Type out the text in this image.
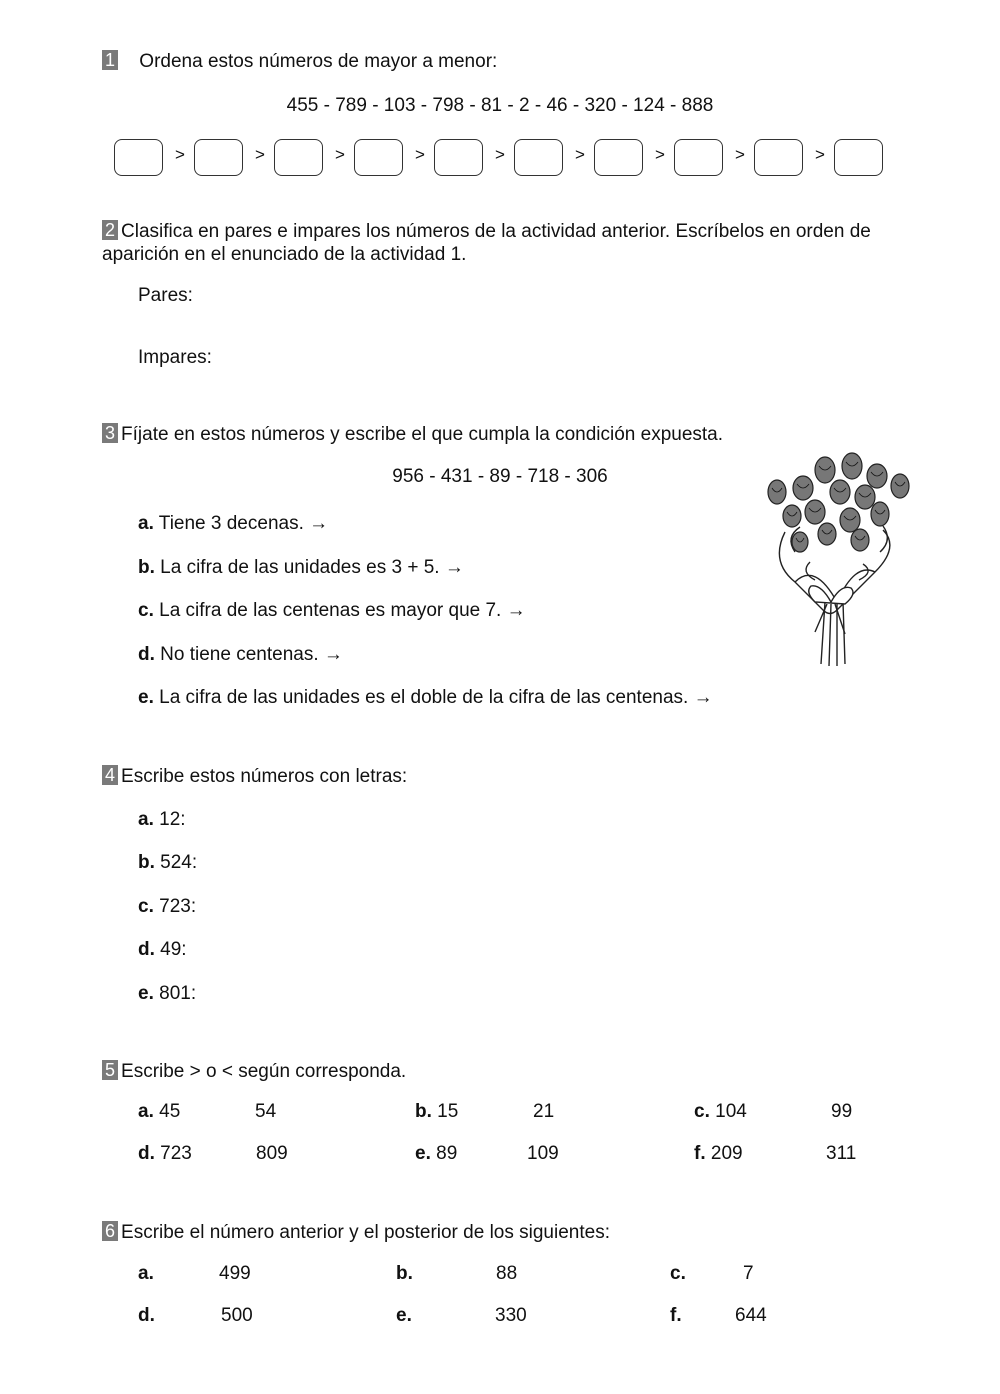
1 Ordena estos números de mayor a menor:
455 - 789 - 103 - 798 - 81 - 2 - 46 - 320 - 124 - 888
>	>	>	>	>	>	>	>	>
2 Clasifica en pares e impares los números de la actividad anterior. Escríbelos en orden de aparición en el enunciado de la actividad 1.
Pares:
Impares:
3 Fíjate en estos números y escribe el que cumpla la condición expuesta.
956 - 431 - 89 - 718 - 306
a. Tiene 3 decenas. →
b. La cifra de las unidades es 3 + 5. →
c. La cifra de las centenas es mayor que 7. →
d. No tiene centenas. →
e. La cifra de las unidades es el doble de la cifra de las centenas. →
4 Escribe estos números con letras:
a. 12:
b. 524:
c. 723:
d. 49:
e. 801:
5 Escribe > o < según corresponda.
a. 45	54	b. 15	21	c. 104	99
d. 723	809	e. 89	109	f. 209	311
6 Escribe el número anterior y el posterior de los siguientes:
a.	499	b.	88	c.	7
d.	500	e.	330	f.	644
